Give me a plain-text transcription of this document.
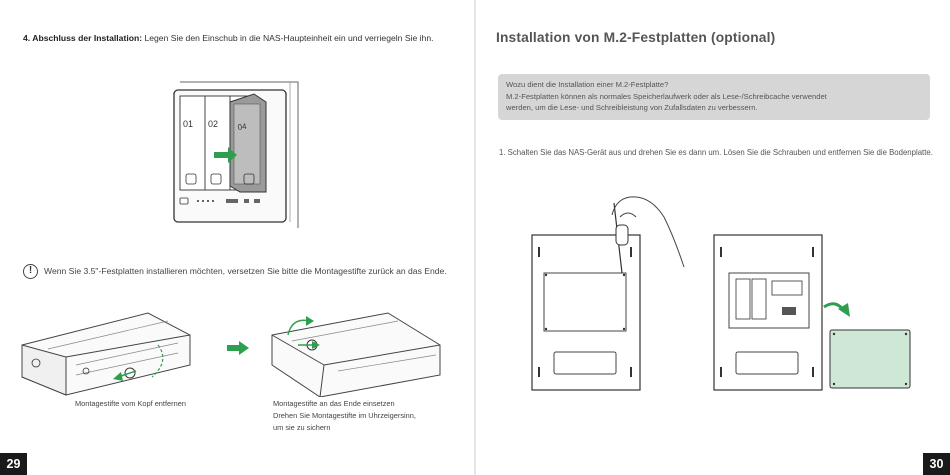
4. Abschluss der Installation: Legen Sie den Einschub in die NAS-Haupteinheit ein und verriegeln Sie ihn.

01 02 04
!	Wenn Sie 3.5"-Festplatten installieren möchten, versetzen Sie bitte die Montagestifte zurück an das Ende.

Montagestifte vom Kopf entfernen	Montagestifte an das Ende einsetzen
Drehen Sie Montagestifte im Uhrzeigersinn,
um sie zu sichern

29
Installation von M.2-Festplatten (optional)
Wozu dient die Installation einer M.2-Festplatte?
M.2-Festplatten können als normales Speicherlaufwerk oder als Lese-/Schreibcache verwendet
werden, um die Lese- und Schreibleistung von Zufallsdaten zu verbessern.

1. Schalten Sie das NAS-Gerät aus und drehen Sie es dann um. Lösen Sie die Schrauben und entfernen Sie die Bodenplatte.

30
